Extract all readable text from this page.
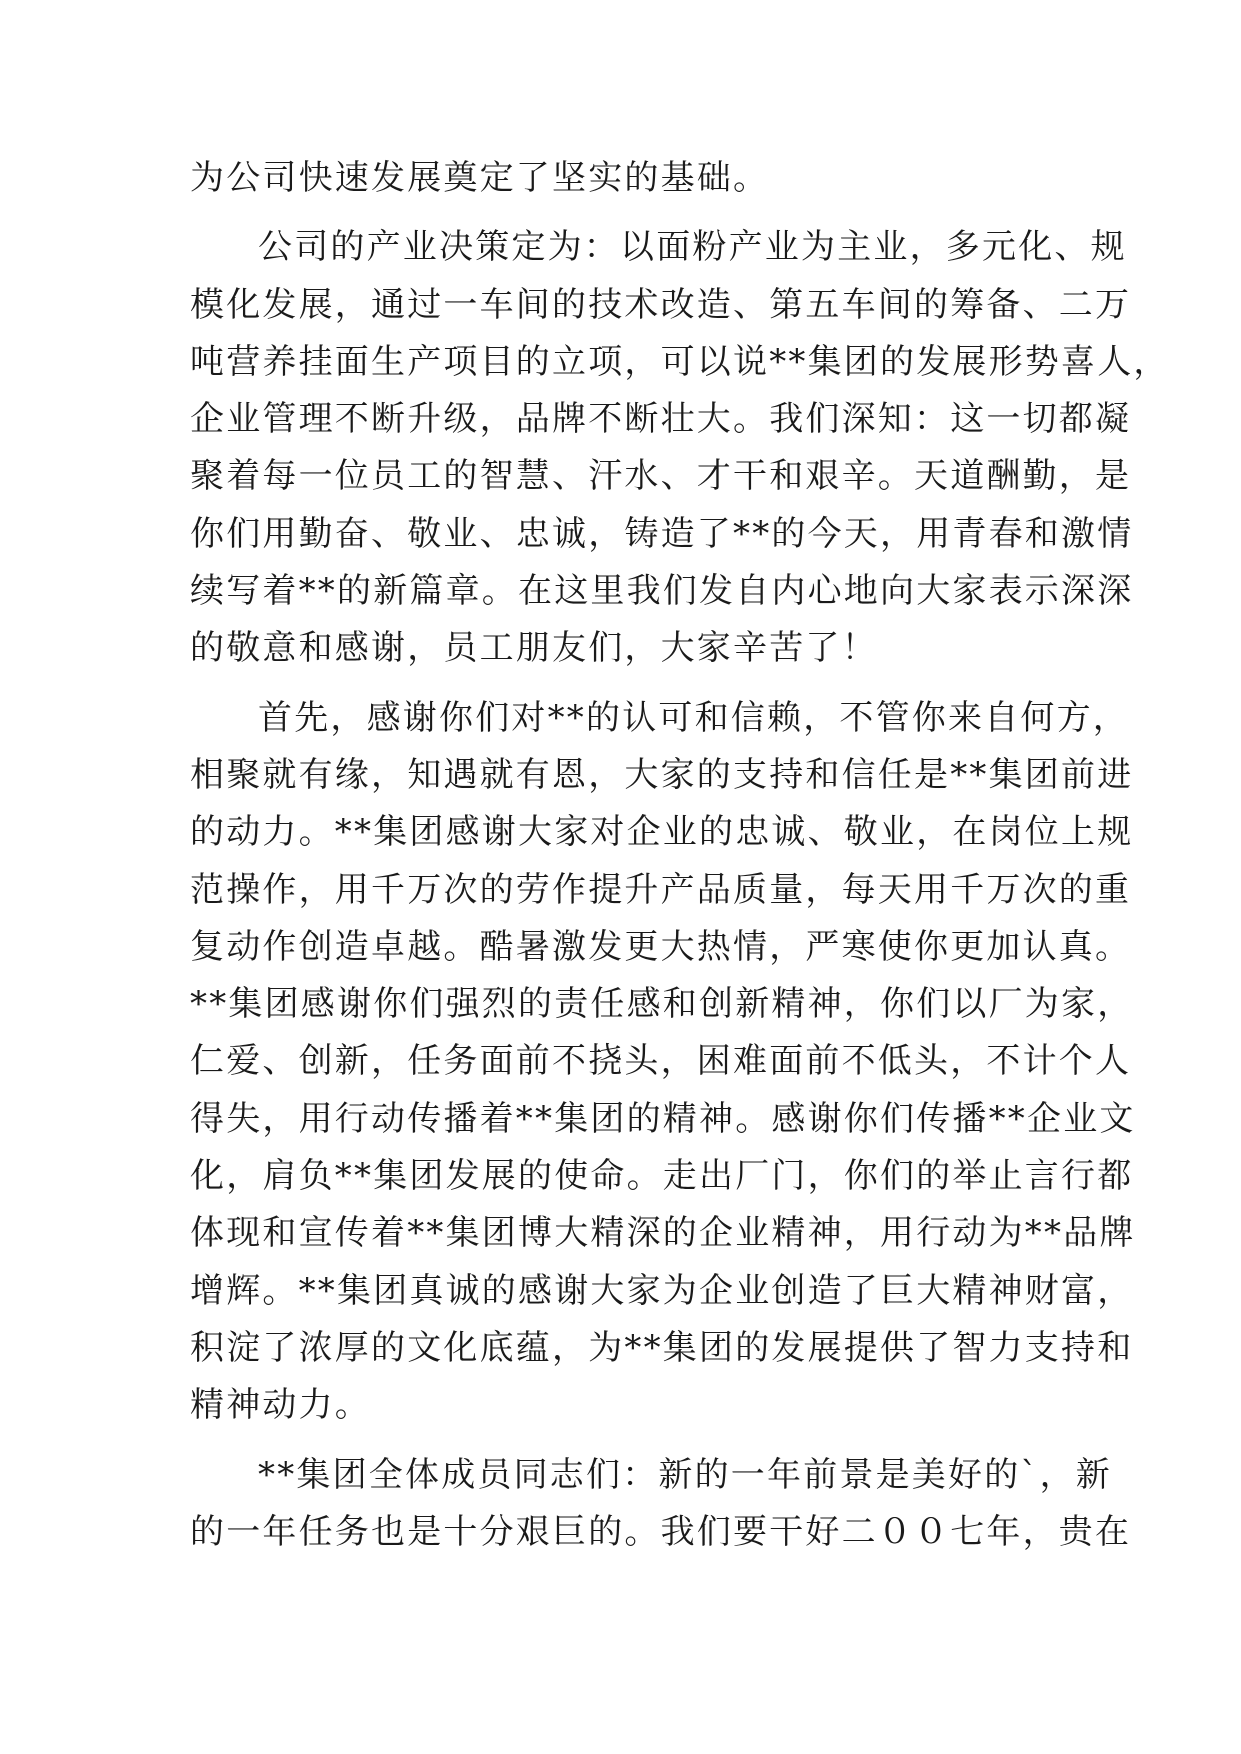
为公司快速发展奠定了坚实的基础。
公司的产业决策定为：以面粉产业为主业，多元化、规
模化发展，通过一车间的技术改造、第五车间的筹备、二万
吨营养挂面生产项目的立项，可以说**集团的发展形势喜人，
企业管理不断升级，品牌不断壮大。我们深知：这一切都凝
聚着每一位员工的智慧、汗水、才干和艰辛。天道酬勤，是
你们用勤奋、敬业、忠诚，铸造了**的今天，用青春和激情
续写着**的新篇章。在这里我们发自内心地向大家表示深深
的敬意和感谢，员工朋友们，大家辛苦了！
首先，感谢你们对**的认可和信赖，不管你来自何方，
相聚就有缘，知遇就有恩，大家的支持和信任是**集团前进
的动力。**集团感谢大家对企业的忠诚、敬业，在岗位上规
范操作，用千万次的劳作提升产品质量，每天用千万次的重
复动作创造卓越。酷暑激发更大热情，严寒使你更加认真。
**集团感谢你们强烈的责任感和创新精神，你们以厂为家，
仁爱、创新，任务面前不挠头，困难面前不低头，不计个人
得失，用行动传播着**集团的精神。感谢你们传播**企业文
化，肩负**集团发展的使命。走出厂门，你们的举止言行都
体现和宣传着**集团博大精深的企业精神，用行动为**品牌
增辉。**集团真诚的感谢大家为企业创造了巨大精神财富，
积淀了浓厚的文化底蕴，为**集团的发展提供了智力支持和
精神动力。
**集团全体成员同志们：新的一年前景是美好的`，新
的一年任务也是十分艰巨的。我们要干好二００七年，贵在
